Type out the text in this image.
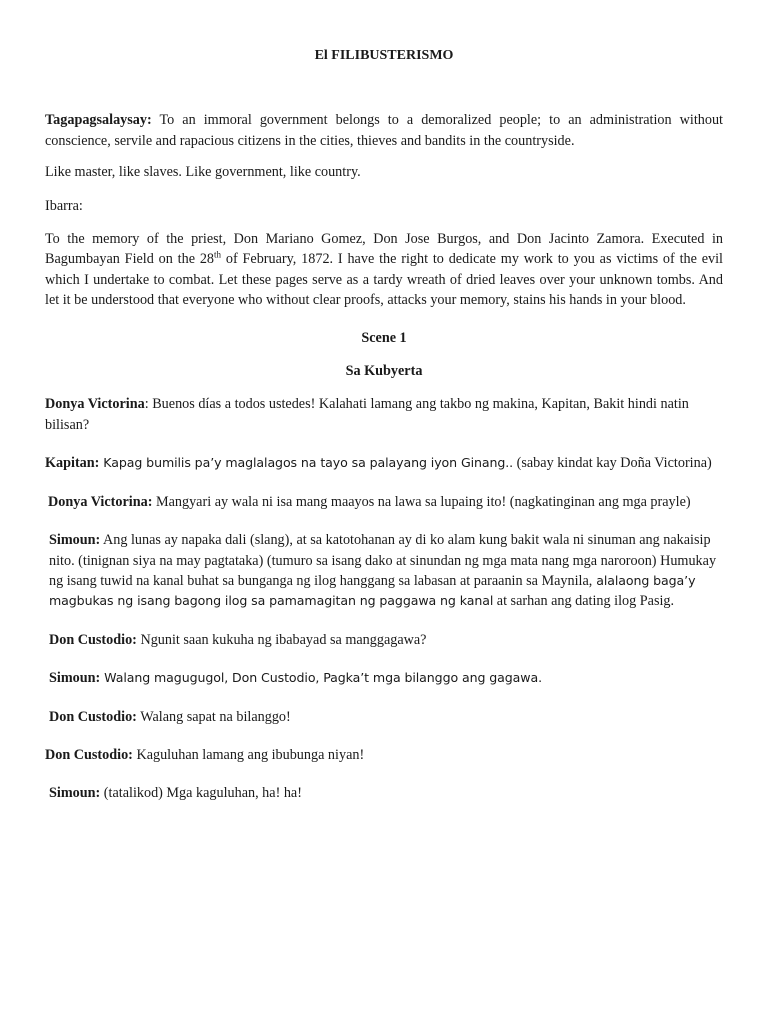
El FILIBUSTERISMO

Tagapagsalaysay: To an immoral government belongs to a demoralized people; to an administration without conscience, servile and rapacious citizens in the cities, thieves and bandits in the countryside.

Like master, like slaves. Like government, like country.

Ibarra:

To the memory of the priest, Don Mariano Gomez, Don Jose Burgos, and Don Jacinto Zamora. Executed in Bagumbayan Field on the 28th of February, 1872. I have the right to dedicate my work to you as victims of the evil which I undertake to combat. Let these pages serve as a tardy wreath of dried leaves over your unknown tombs. And let it be understood that everyone who without clear proofs, attacks your memory, stains his hands in your blood.

Scene 1
Sa Kubyerta

Donya Victorina: Buenos días a todos ustedes! Kalahati lamang ang takbo ng makina, Kapitan, Bakit hindi natin bilisan?

Kapitan: Kapag bumilis pa’y maglalagos na tayo sa palayang iyon Ginang.. (sabay kindat kay Doña Victorina)

Donya Victorina: Mangyari ay wala ni isa mang maayos na lawa sa lupaing ito! (nagkatinginan ang mga prayle)

Simoun: Ang lunas ay napaka dali (slang), at sa katotohanan ay di ko alam kung bakit wala ni sinuman ang nakaisip nito. (tinignan siya na may pagtataka) (tumuro sa isang dako at sinundan ng mga mata nang mga naroroon) Humukay ng isang tuwid na kanal buhat sa bunganga ng ilog hanggang sa labasan at paraanin sa Maynila, alalaong baga’y magbukas ng isang bagong ilog sa pamamagitan ng paggawa ng kanal at sarhan ang dating ilog Pasig.

Don Custodio: Ngunit saan kukuha ng ibabayad sa manggagawa?

Simoun: Walang magugugol, Don Custodio, Pagka’t mga bilanggo ang gagawa.

Don Custodio: Walang sapat na bilanggo!

Don Custodio: Kaguluhan lamang ang ibubunga niyan!

Simoun: (tatalikod) Mga kaguluhan, ha! ha!
